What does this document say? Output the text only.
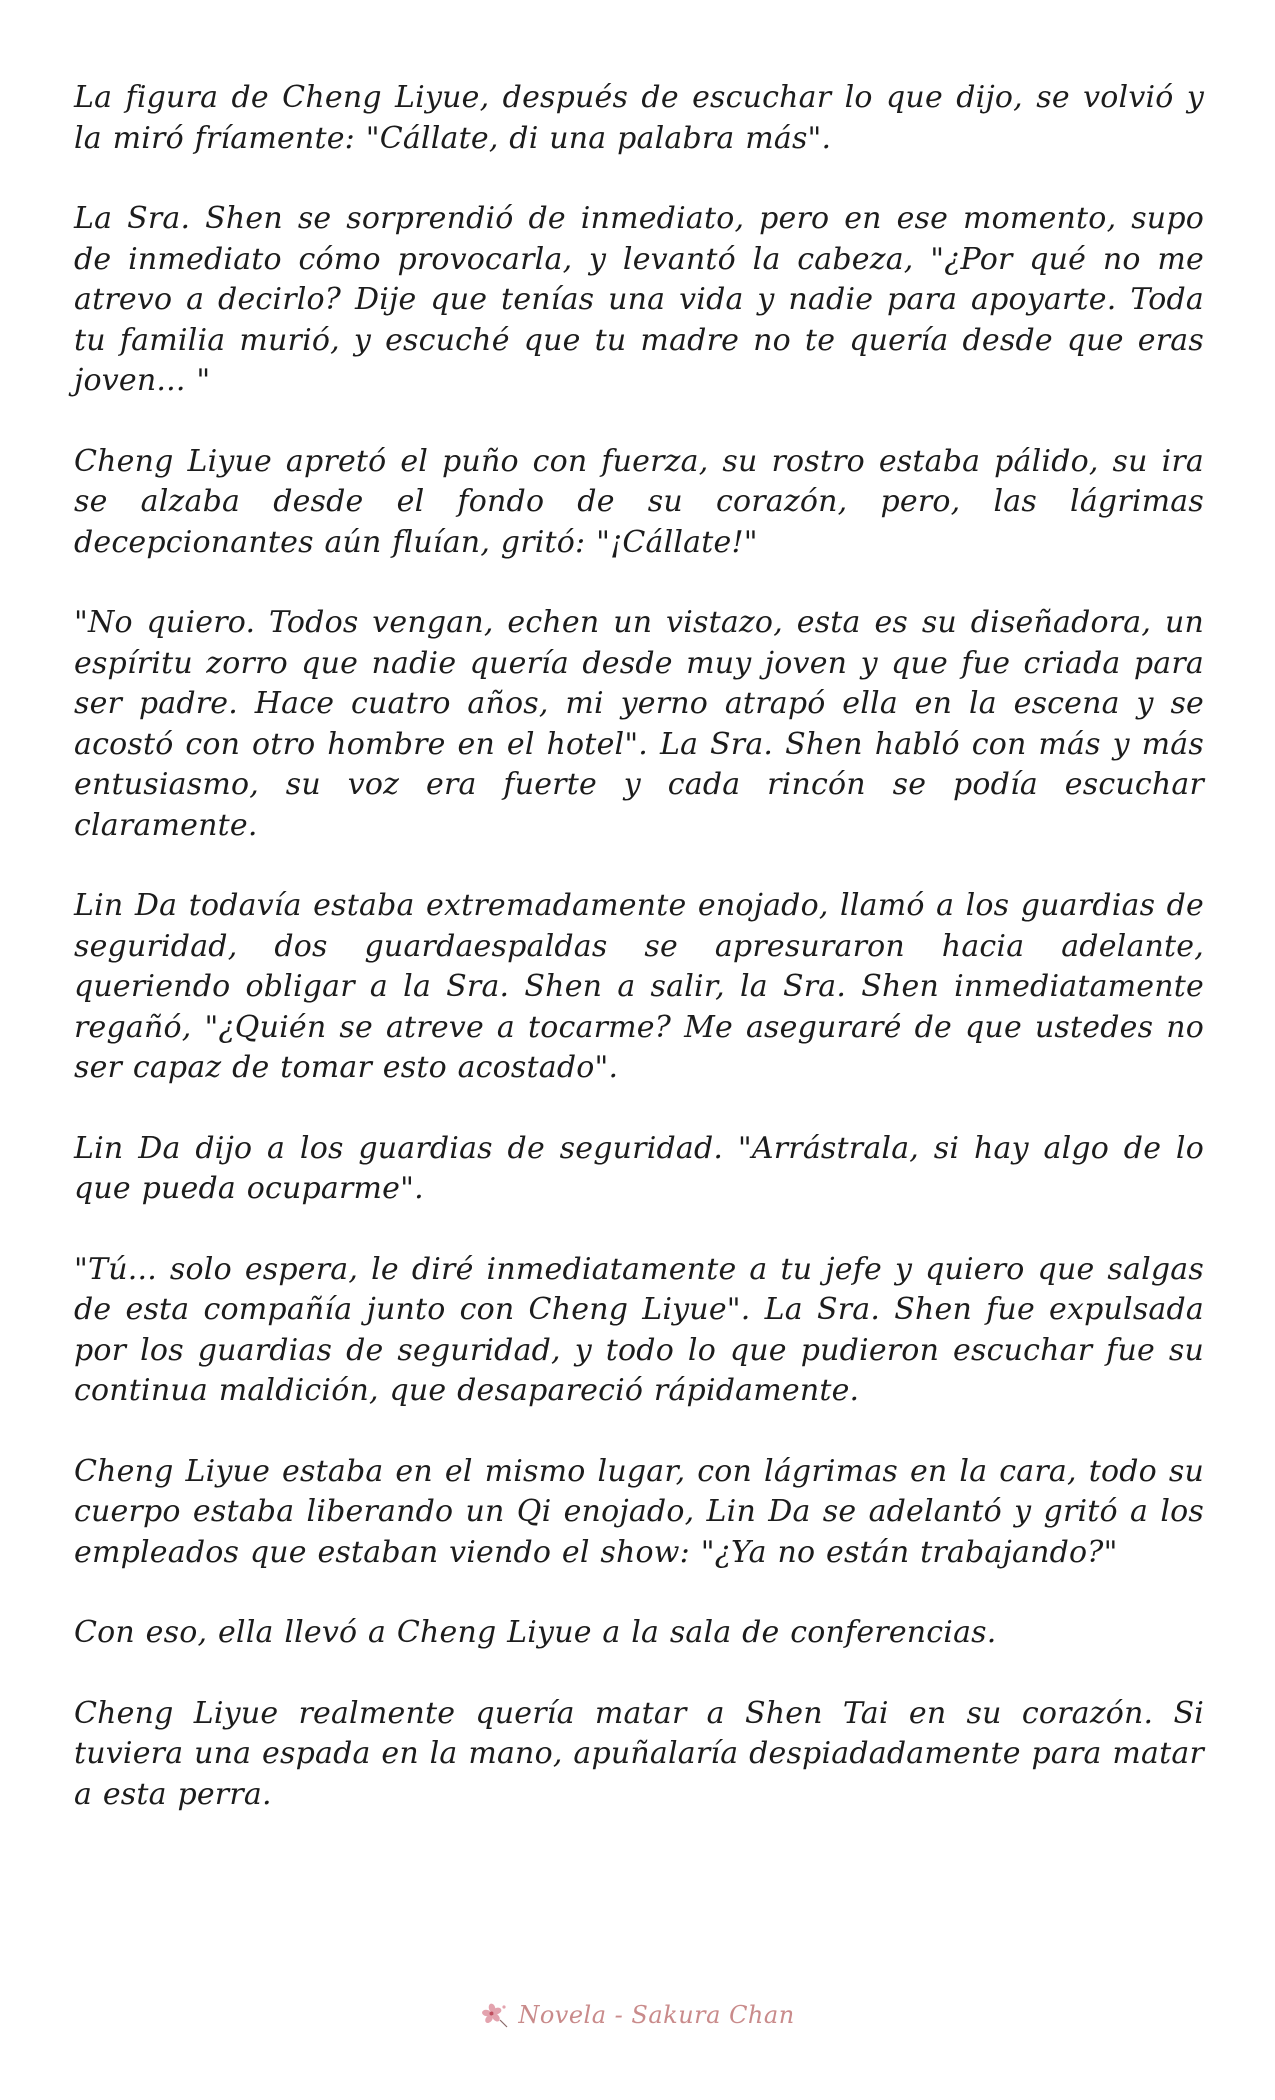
La figura de Cheng Liyue, después de escuchar lo que dijo, se volvió y la miró fríamente: "Cállate, di una palabra más".

La Sra. Shen se sorprendió de inmediato, pero en ese momento, supo de inmediato cómo provocarla, y levantó la cabeza, "¿Por qué no me atrevo a decirlo? Dije que tenías una vida y nadie para apoyarte. Toda tu familia murió, y escuché que tu madre no te quería desde que eras joven... "

Cheng Liyue apretó el puño con fuerza, su rostro estaba pálido, su ira se alzaba desde el fondo de su corazón, pero, las lágrimas decepcionantes aún fluían, gritó: "¡Cállate!"

"No quiero. Todos vengan, echen un vistazo, esta es su diseñadora, un espíritu zorro que nadie quería desde muy joven y que fue criada para ser padre. Hace cuatro años, mi yerno atrapó ella en la escena y se acostó con otro hombre en el hotel". La Sra. Shen habló con más y más entusiasmo, su voz era fuerte y cada rincón se podía escuchar claramente.

Lin Da todavía estaba extremadamente enojado, llamó a los guardias de seguridad, dos guardaespaldas se apresuraron hacia adelante, queriendo obligar a la Sra. Shen a salir, la Sra. Shen inmediatamente regañó, "¿Quién se atreve a tocarme? Me aseguraré de que ustedes no ser capaz de tomar esto acostado".

Lin Da dijo a los guardias de seguridad. "Arrástrala, si hay algo de lo que pueda ocuparme".

"Tú... solo espera, le diré inmediatamente a tu jefe y quiero que salgas de esta compañía junto con Cheng Liyue". La Sra. Shen fue expulsada por los guardias de seguridad, y todo lo que pudieron escuchar fue su continua maldición, que desapareció rápidamente.

Cheng Liyue estaba en el mismo lugar, con lágrimas en la cara, todo su cuerpo estaba liberando un Qi enojado, Lin Da se adelantó y gritó a los empleados que estaban viendo el show: "¿Ya no están trabajando?"

Con eso, ella llevó a Cheng Liyue a la sala de conferencias.

Cheng Liyue realmente quería matar a Shen Tai en su corazón. Si tuviera una espada en la mano, apuñalaría despiadadamente para matar a esta perra.

Novela - Sakura Chan
